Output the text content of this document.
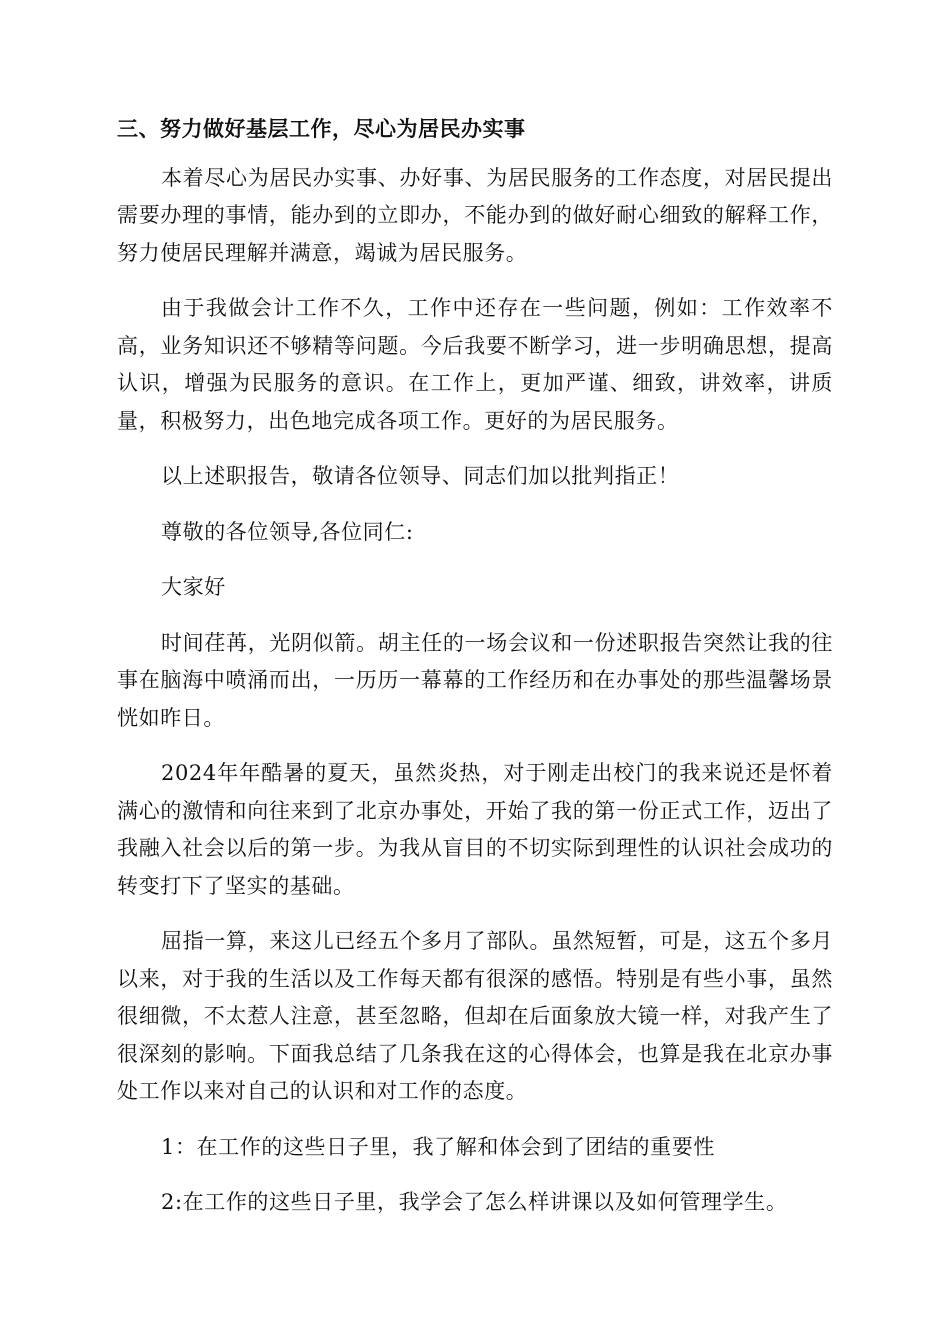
三、努力做好基层工作，尽心为居民办实事

本着尽心为居民办实事、办好事、为居民服务的工作态度，对居民提出需要办理的事情，能办到的立即办，不能办到的做好耐心细致的解释工作，努力使居民理解并满意，竭诚为居民服务。

由于我做会计工作不久，工作中还存在一些问题，例如：工作效率不高，业务知识还不够精等问题。今后我要不断学习，进一步明确思想，提高认识，增强为民服务的意识。在工作上，更加严谨、细致，讲效率，讲质量，积极努力，出色地完成各项工作。更好的为居民服务。

以上述职报告，敬请各位领导、同志们加以批判指正！

尊敬的各位领导,各位同仁:

大家好

时间荏苒，光阴似箭。胡主任的一场会议和一份述职报告突然让我的往事在脑海中喷涌而出，一历历一幕幕的工作经历和在办事处的那些温馨场景恍如昨日。

2024年年酷暑的夏天，虽然炎热，对于刚走出校门的我来说还是怀着满心的激情和向往来到了北京办事处，开始了我的第一份正式工作，迈出了我融入社会以后的第一步。为我从盲目的不切实际到理性的认识社会成功的转变打下了坚实的基础。

屈指一算，来这儿已经五个多月了部队。虽然短暂，可是，这五个多月以来，对于我的生活以及工作每天都有很深的感悟。特别是有些小事，虽然很细微，不太惹人注意，甚至忽略，但却在后面象放大镜一样，对我产生了很深刻的影响。下面我总结了几条我在这的心得体会，也算是我在北京办事处工作以来对自己的认识和对工作的态度。

1：在工作的这些日子里，我了解和体会到了团结的重要性

2:在工作的这些日子里，我学会了怎么样讲课以及如何管理学生。
